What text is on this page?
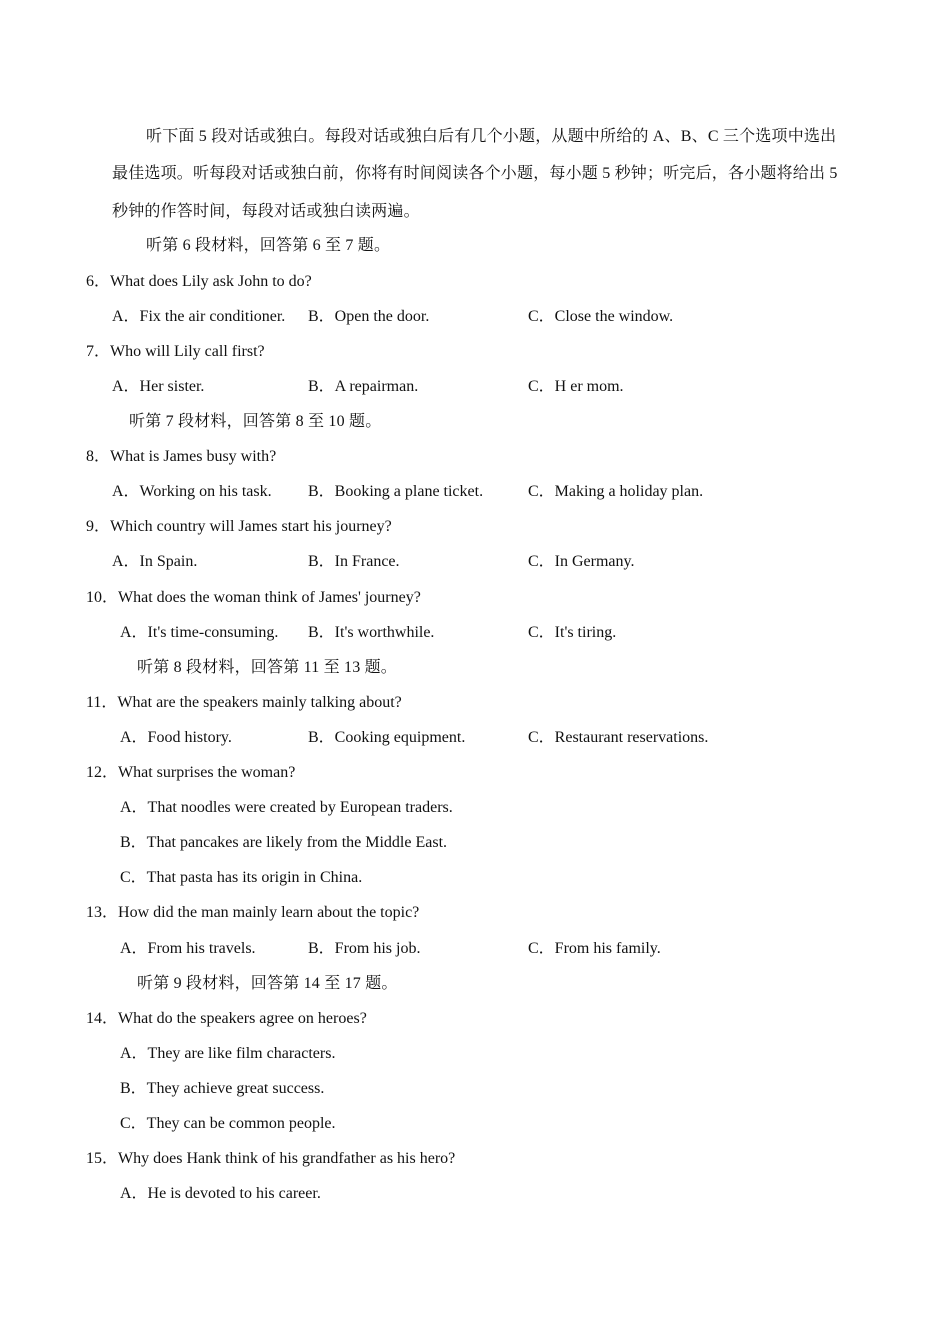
听下面 5 段对话或独白。每段对话或独白后有几个小题，从题中所给的 A、B、C 三个选项中选出
最佳选项。听每段对话或独白前，你将有时间阅读各个小题，每小题 5 秒钟；听完后，各小题将给出 5
秒钟的作答时间，每段对话或独白读两遍。
听第 6 段材料，回答第 6 至 7 题。
6．What does Lily ask John to do?
A．Fix the air conditioner. B．Open the door.	C．Close the window.
7．Who will Lily call first?
A．Her sister.	B．A repairman.	C．H er mom.
听第 7 段材料，回答第 8 至 10 题。
8．What is James busy with?
A．Working on his task. B．Booking a plane ticket.	C．Making a holiday plan.
9．Which country will James start his journey?
A．In Spain.	B．In France.	C．In Germany.
10．What does the woman think of James' journey?
A．It's time-consuming. B．It's worthwhile.	C．It's tiring.
听第 8 段材料，回答第 11 至 13 题。
11．What are the speakers mainly talking about?
A．Food history.	B．Cooking equipment.	C．Restaurant reservations.
12．What surprises the woman?
A．That noodles were created by European traders.
B．That pancakes are likely from the Middle East.
C．That pasta has its origin in China.
13．How did the man mainly learn about the topic?
A．From his travels.	B．From his job.	C．From his family.
听第 9 段材料，回答第 14 至 17 题。
14．What do the speakers agree on heroes?
A．They are like film characters.
B．They achieve great success.
C．They can be common people.
15．Why does Hank think of his grandfather as his hero?
A．He is devoted to his career.
